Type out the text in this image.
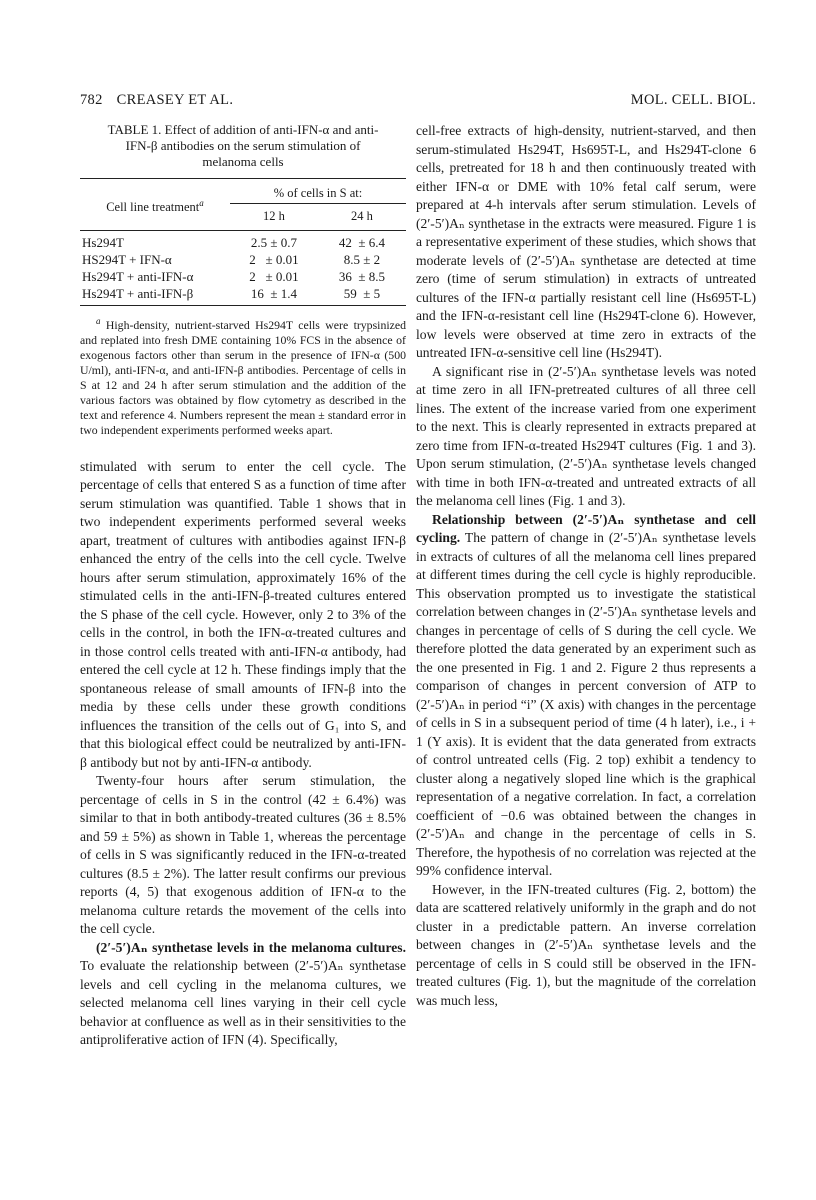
782 CREASEY ET AL.	MOL. CELL. BIOL.
TABLE 1. Effect of addition of anti-IFN-α and anti-
IFN-β antibodies on the serum stimulation of
melanoma cells
Cell line treatment$^a$	% of cells in S at:	
	12 h	24 h
Hs294T	2.5 ± 0.7	42  ± 6.4
HS294T + IFN-α	2   ± 0.01	8.5 ± 2
Hs294T + anti-IFN-α	2   ± 0.01	36  ± 8.5
Hs294T + anti-IFN-β	16  ± 1.4	59  ± 5
$^a$ High-density, nutrient-starved Hs294T cells were trypsinized and replated into fresh DME containing 10% FCS in the absence of exogenous factors other than serum in the presence of IFN-α (500 U/ml), anti-IFN-α, and anti-IFN-β antibodies. Percentage of cells in S at 12 and 24 h after serum stimulation and the addition of the various factors was obtained by flow cytometry as described in the text and reference 4. Numbers represent the mean ± standard error in two independent experiments performed weeks apart.

stimulated with serum to enter the cell cycle. The percentage of cells that entered S as a function of time after serum stimulation was quantified. Table 1 shows that in two independent experiments performed several weeks apart, treatment of cultures with antibodies against IFN-β enhanced the entry of the cells into the cell cycle. Twelve hours after serum stimulation, approximately 16% of the stimulated cells in the anti-IFN-β-treated cultures entered the S phase of the cell cycle. However, only 2 to 3% of the cells in the control, in both the IFN-α-treated cultures and in those control cells treated with anti-IFN-α antibody, had entered the cell cycle at 12 h. These findings imply that the spontaneous release of small amounts of IFN-β into the media by these cells under these growth conditions influences the transition of the cells out of G₁ into S, and that this biological effect could be neutralized by anti-IFN-β antibody but not by anti-IFN-α antibody.

Twenty-four hours after serum stimulation, the percentage of cells in S in the control (42 ± 6.4%) was similar to that in both antibody-treated cultures (36 ± 8.5% and 59 ± 5%) as shown in Table 1, whereas the percentage of cells in S was significantly reduced in the IFN-α-treated cultures (8.5 ± 2%). The latter result confirms our previous reports (4, 5) that exogenous addition of IFN-α to the melanoma culture retards the movement of the cells into the cell cycle.

(2′-5′)Aₙ synthetase levels in the melanoma cultures. To evaluate the relationship between (2′-5′)Aₙ synthetase levels and cell cycling in the melanoma cultures, we selected melanoma cell lines varying in their cell cycle behavior at confluence as well as in their sensitivities to the antiproliferative action of IFN (4). Specifically,

cell-free extracts of high-density, nutrient-starved, and then serum-stimulated Hs294T, Hs695T-L, and Hs294T-clone 6 cells, pretreated for 18 h and then continuously treated with either IFN-α or DME with 10% fetal calf serum, were prepared at 4-h intervals after serum stimulation. Levels of (2′-5′)Aₙ synthetase in the extracts were measured. Figure 1 is a representative experiment of these studies, which shows that moderate levels of (2′-5′)Aₙ synthetase are detected at time zero (time of serum stimulation) in extracts of untreated cultures of the IFN-α partially resistant cell line (Hs695T-L) and the IFN-α-resistant cell line (Hs294T-clone 6). However, low levels were observed at time zero in extracts of the untreated IFN-α-sensitive cell line (Hs294T).

A significant rise in (2′-5′)Aₙ synthetase levels was noted at time zero in all IFN-pretreated cultures of all three cell lines. The extent of the increase varied from one experiment to the next. This is clearly represented in extracts prepared at zero time from IFN-α-treated Hs294T cultures (Fig. 1 and 3). Upon serum stimulation, (2′-5′)Aₙ synthetase levels changed with time in both IFN-α-treated and untreated extracts of all the melanoma cell lines (Fig. 1 and 3).

Relationship between (2′-5′)Aₙ synthetase and cell cycling. The pattern of change in (2′-5′)Aₙ synthetase levels in extracts of cultures of all the melanoma cell lines prepared at different times during the cell cycle is highly reproducible. This observation prompted us to investigate the statistical correlation between changes in (2′-5′)Aₙ synthetase levels and changes in percentage of cells of S during the cell cycle. We therefore plotted the data generated by an experiment such as the one presented in Fig. 1 and 2. Figure 2 thus represents a comparison of changes in percent conversion of ATP to (2′-5′)Aₙ in period “i” (X axis) with changes in the percentage of cells in S in a subsequent period of time (4 h later), i.e., i + 1 (Y axis). It is evident that the data generated from extracts of control untreated cells (Fig. 2 top) exhibit a tendency to cluster along a negatively sloped line which is the graphical representation of a negative correlation. In fact, a correlation coefficient of −0.6 was obtained between the changes in (2′-5′)Aₙ and change in the percentage of cells in S. Therefore, the hypothesis of no correlation was rejected at the 99% confidence interval.

However, in the IFN-treated cultures (Fig. 2, bottom) the data are scattered relatively uniformly in the graph and do not cluster in a predictable pattern. An inverse correlation between changes in (2′-5′)Aₙ synthetase levels and the percentage of cells in S could still be observed in the IFN-treated cultures (Fig. 1), but the magnitude of the correlation was much less,
